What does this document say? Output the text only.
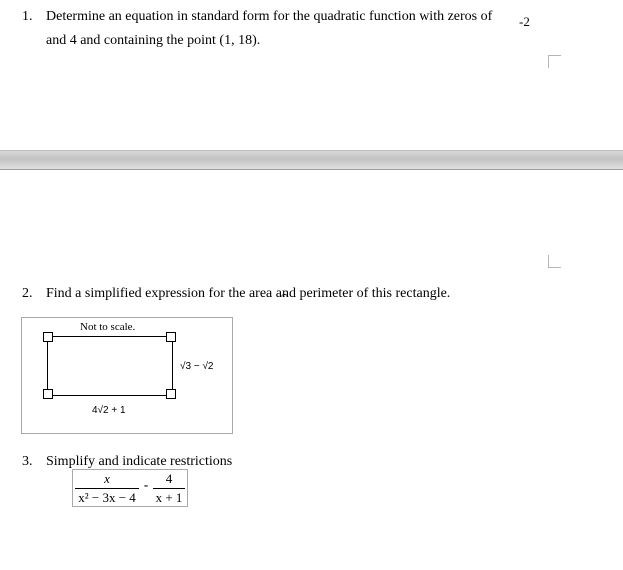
1. Determine an equation in standard form for the quadratic function with zeros of -2
and 4 and containing the point (1, 18).
2. Find a simplified expression for the area and perimeter of this rectangle.
Not to scale.
√3 − √2
4√2 + 1
3. Simplify and indicate restrictions
x
x² − 3x − 4
-	4
x + 1
